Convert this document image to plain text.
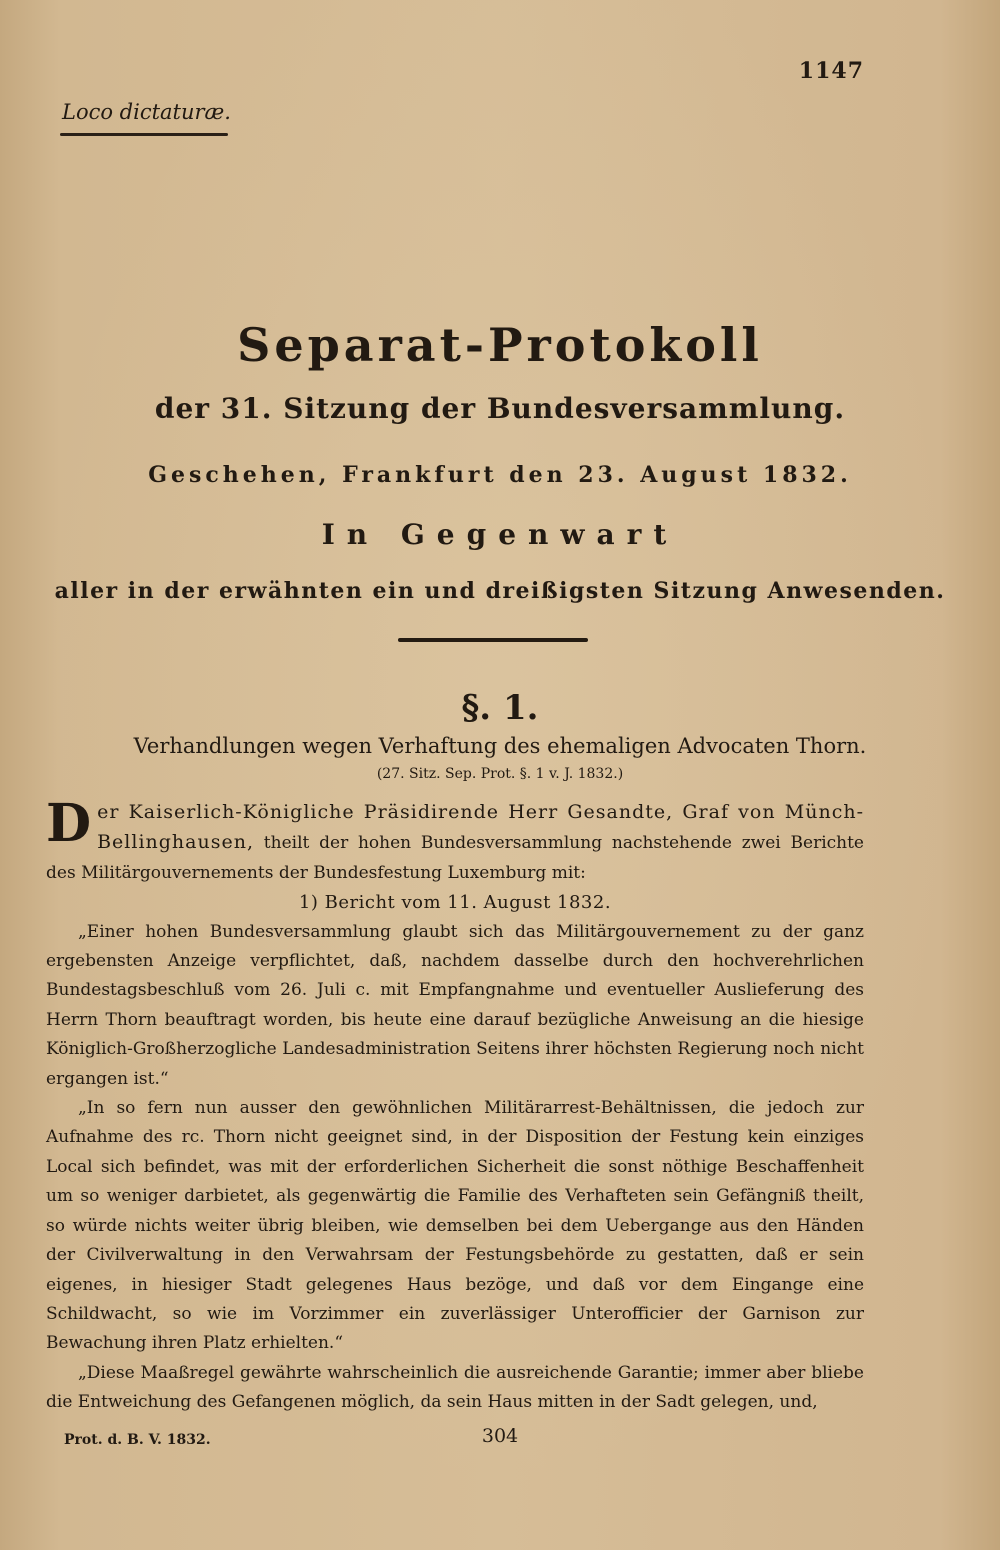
1147
Loco dictaturæ.
Separat-Protokoll
der 31. Sitzung der Bundesversammlung.
Geschehen, Frankfurt den 23. August 1832.
In Gegenwart
aller in der erwähnten ein und dreißigsten Sitzung Anwesenden.
§. 1.
Verhandlungen wegen Verhaftung des ehemaligen Advocaten Thorn.
(27. Sitz. Sep. Prot. §. 1 v. J. 1832.)

Der Kaiserlich-Königliche Präsidirende Herr Gesandte, Graf von Münch-Bellinghausen, theilt der hohen Bundesversammlung nachstehende zwei Berichte des Militärgouvernements der Bundesfestung Luxemburg mit:

1) Bericht vom 11. August 1832.

„Einer hohen Bundesversammlung glaubt sich das Militärgouvernement zu der ganz ergebensten Anzeige verpflichtet, daß, nachdem dasselbe durch den hochverehrlichen Bundestagsbeschluß vom 26. Juli c. mit Empfangnahme und eventueller Auslieferung des Herrn Thorn beauftragt worden, bis heute eine darauf bezügliche Anweisung an die hiesige Königlich-Großherzogliche Landesadministration Seitens ihrer höchsten Regierung noch nicht ergangen ist.“

„In so fern nun ausser den gewöhnlichen Militärarrest-Behältnissen, die jedoch zur Aufnahme des rc. Thorn nicht geeignet sind, in der Disposition der Festung kein einziges Local sich befindet, was mit der erforderlichen Sicherheit die sonst nöthige Beschaffenheit um so weniger darbietet, als gegenwärtig die Familie des Verhafteten sein Gefängniß theilt, so würde nichts weiter übrig bleiben, wie demselben bei dem Uebergange aus den Händen der Civilverwaltung in den Verwahrsam der Festungsbehörde zu gestatten, daß er sein eigenes, in hiesiger Stadt gelegenes Haus bezöge, und daß vor dem Eingange eine Schildwacht, so wie im Vorzimmer ein zuverlässiger Unterofficier der Garnison zur Bewachung ihren Platz erhielten.“

„Diese Maaßregel gewährte wahrscheinlich die ausreichende Garantie; immer aber bliebe die Entweichung des Gefangenen möglich, da sein Haus mitten in der Sadt gelegen, und,

Prot. d. B. V. 1832.	304
